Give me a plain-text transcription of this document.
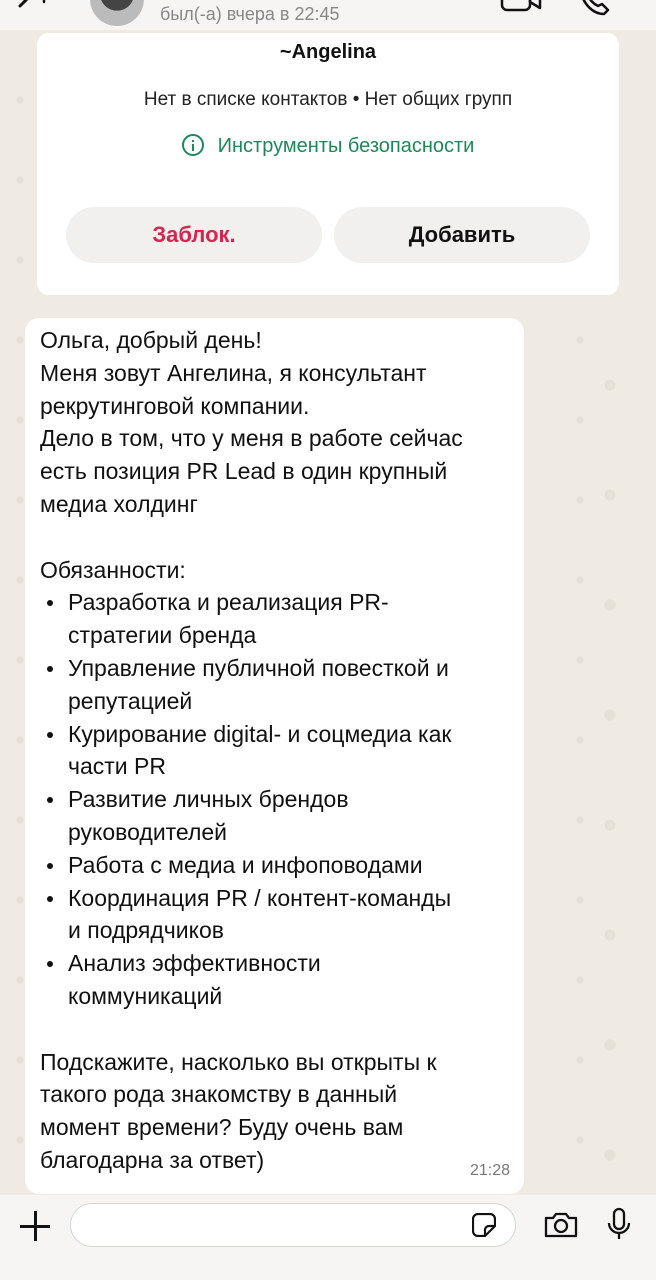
был(-а) вчера в 22:45
~Angelina
Нет в списке контактов • Нет общих групп
Инструменты безопасности
Заблок.	Добавить

Ольга, добрый день!

Меня зовут Ангелина, я консультант

рекрутинговой компании.

Дело в том, что у меня в работе сейчас

есть позиция PR Lead в один крупный

медиа холдинг

Обязанности:

Разработка и реализация PR-
стратегии бренда
Управление публичной повесткой и
репутацией
Курирование digital- и соцмедиа как
части PR
Развитие личных брендов
руководителей
Работа с медиа и инфоповодами
Координация PR / контент-команды
и подрядчиков
Анализ эффективности
коммуникаций

Подскажите, насколько вы открыты к

такого рода знакомству в данный

момент времени? Буду очень вам

благодарна за ответ)	21:28
